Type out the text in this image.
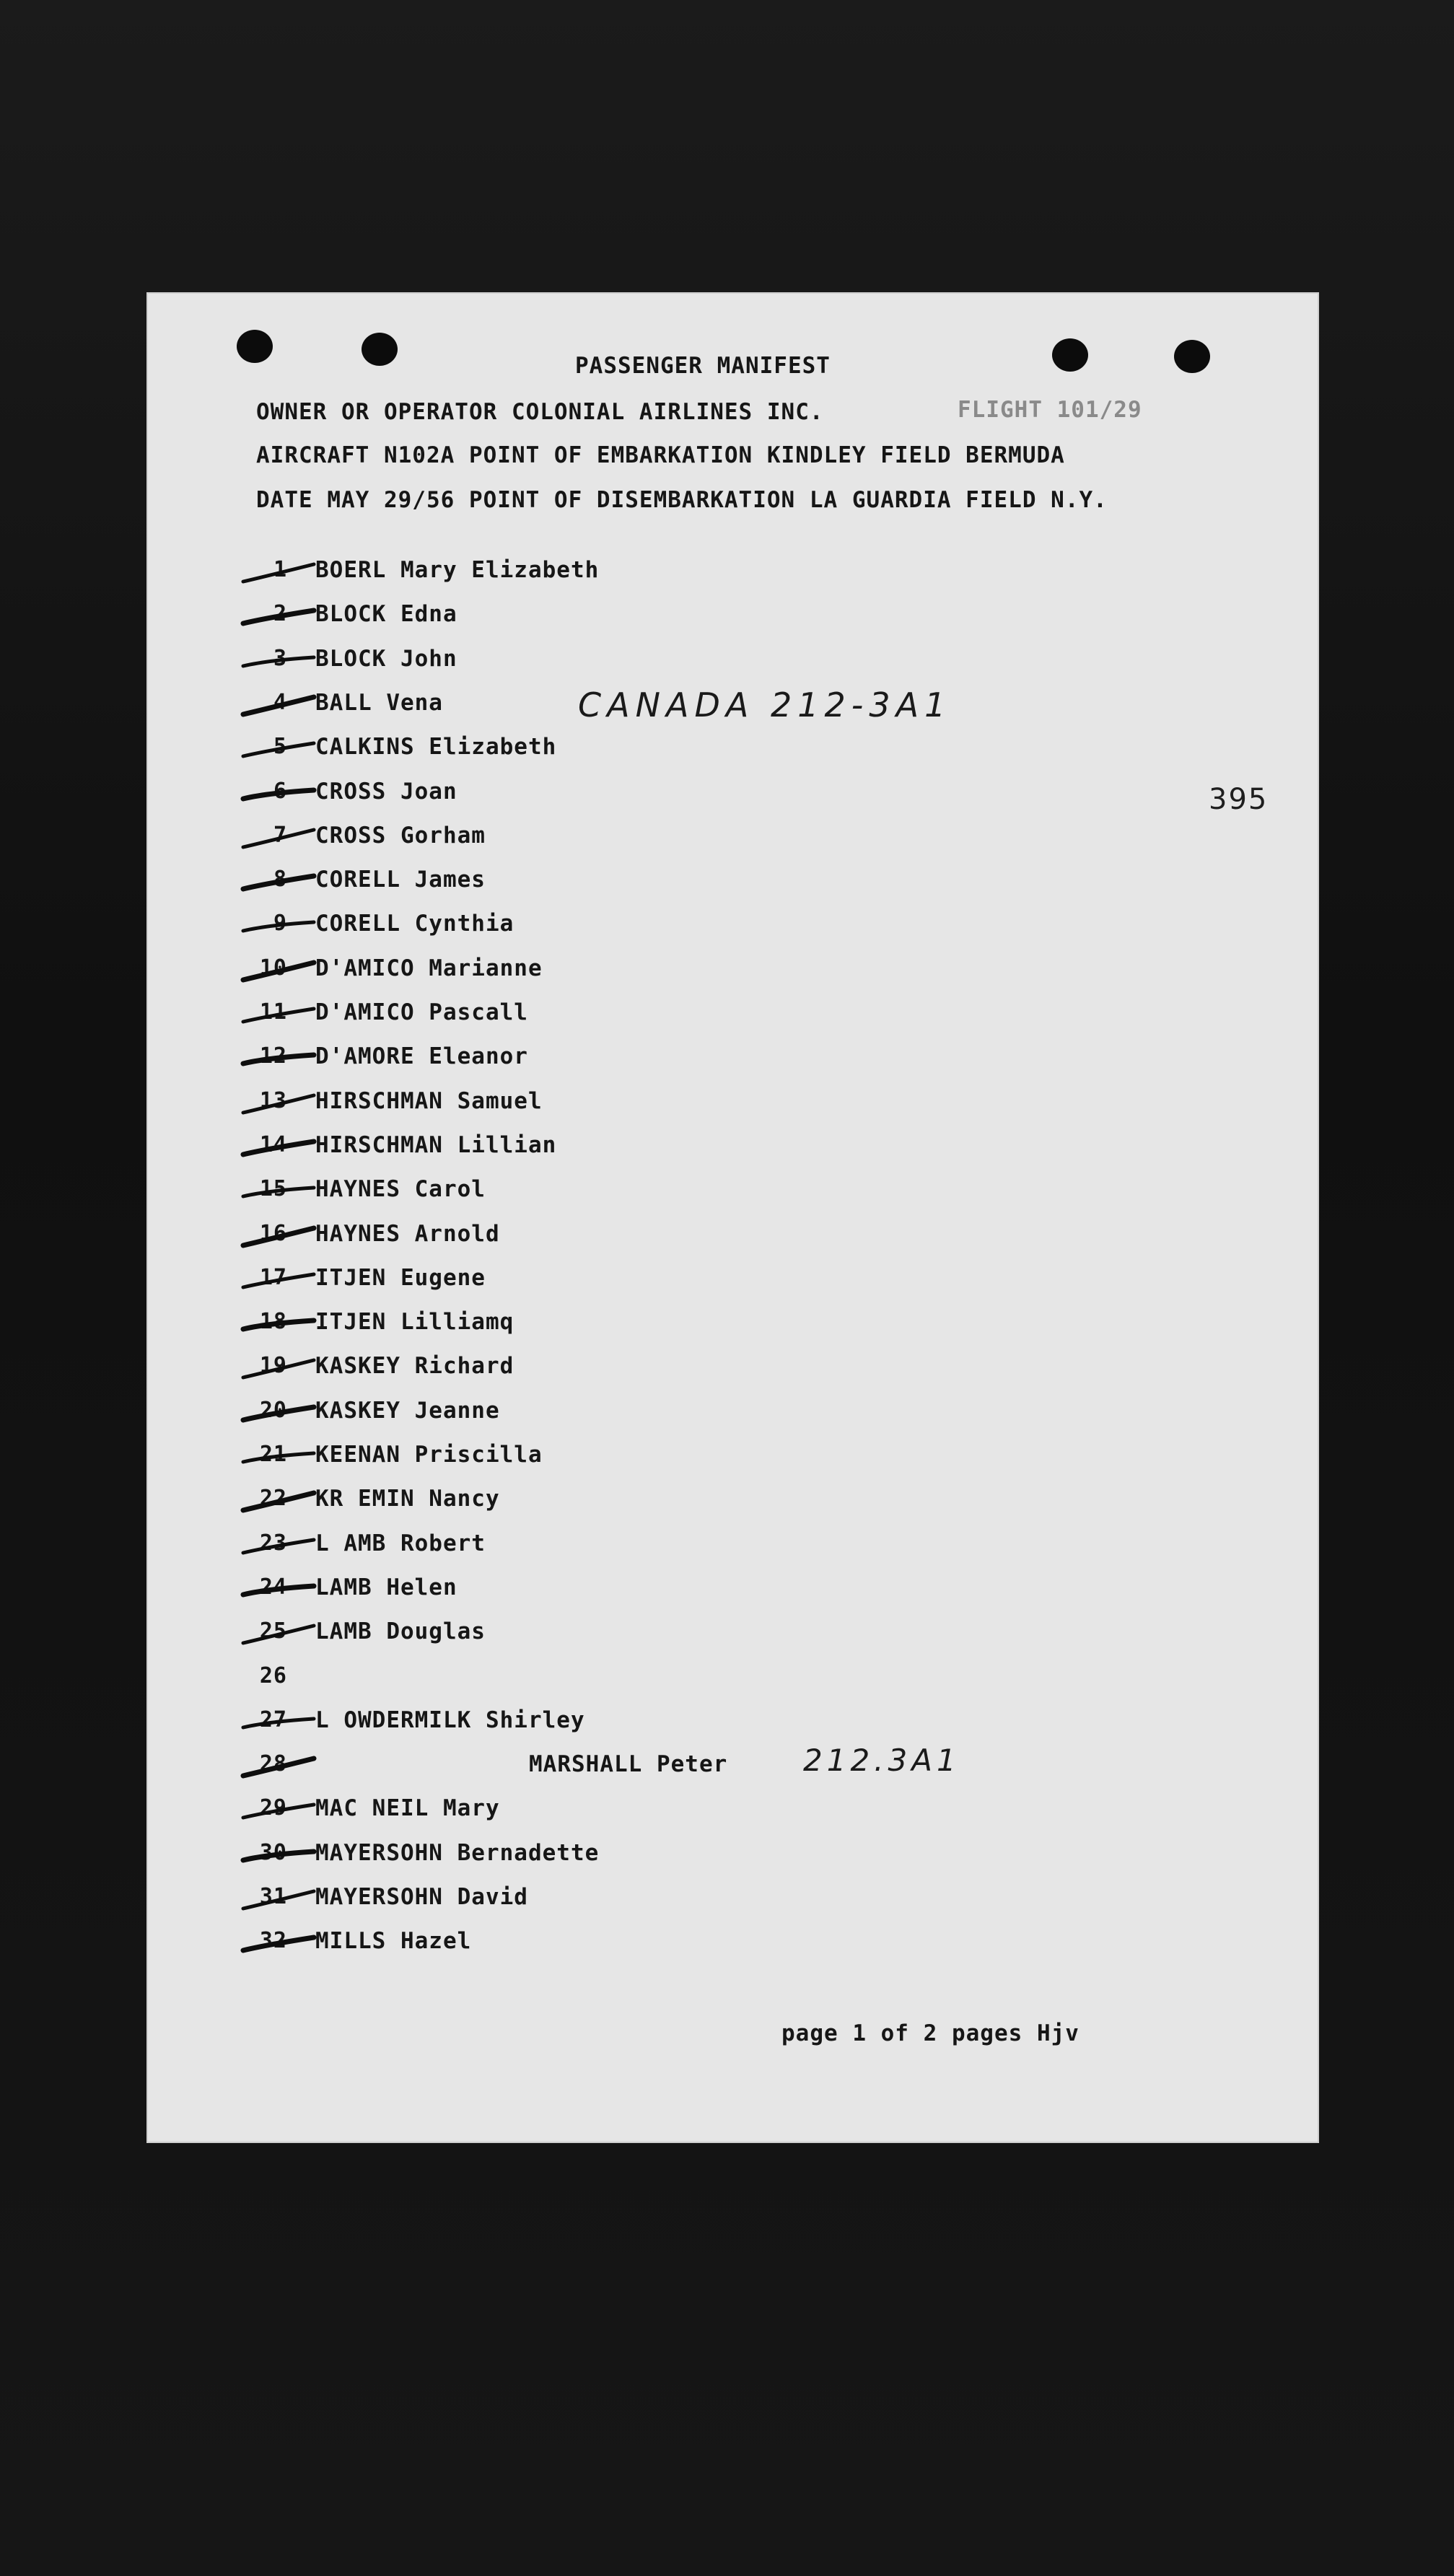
PASSENGER MANIFEST
OWNER OR OPERATOR COLONIAL AIRLINES INC.	FLIGHT 101/29
AIRCRAFT N102A POINT OF EMBARKATION KINDLEY FIELD BERMUDA
DATE MAY 29/56 POINT OF DISEMBARKATION LA GUARDIA FIELD N.Y.
CANADA 212-3A1
395
1 BOERL Mary Elizabeth
2 BLOCK Edna
3 BLOCK John
4 BALL Vena
5 CALKINS Elizabeth
6 CROSS Joan
7 CROSS Gorham
8 CORELL James
9 CORELL Cynthia
10 D'AMICO Marianne
11 D'AMICO Pascall
12 D'AMORE Eleanor
13 HIRSCHMAN Samuel
14 HIRSCHMAN Lillian
15 HAYNES Carol
16 HAYNES Arnold
17 ITJEN Eugene
18 ITJEN Lilliamq
19 KASKEY Richard
20 KASKEY Jeanne
21 KEENAN Priscilla
22 KR EMIN Nancy
23 L AMB Robert
24 LAMB Helen
25 LAMB Douglas
26
27 L OWDERMILK Shirley
28	MARSHALL Peter
29 MAC NEIL Mary
30 MAYERSOHN Bernadette
31 MAYERSOHN David
32 MILLS Hazel
212.3A1
page 1 of 2 pages Hjv
